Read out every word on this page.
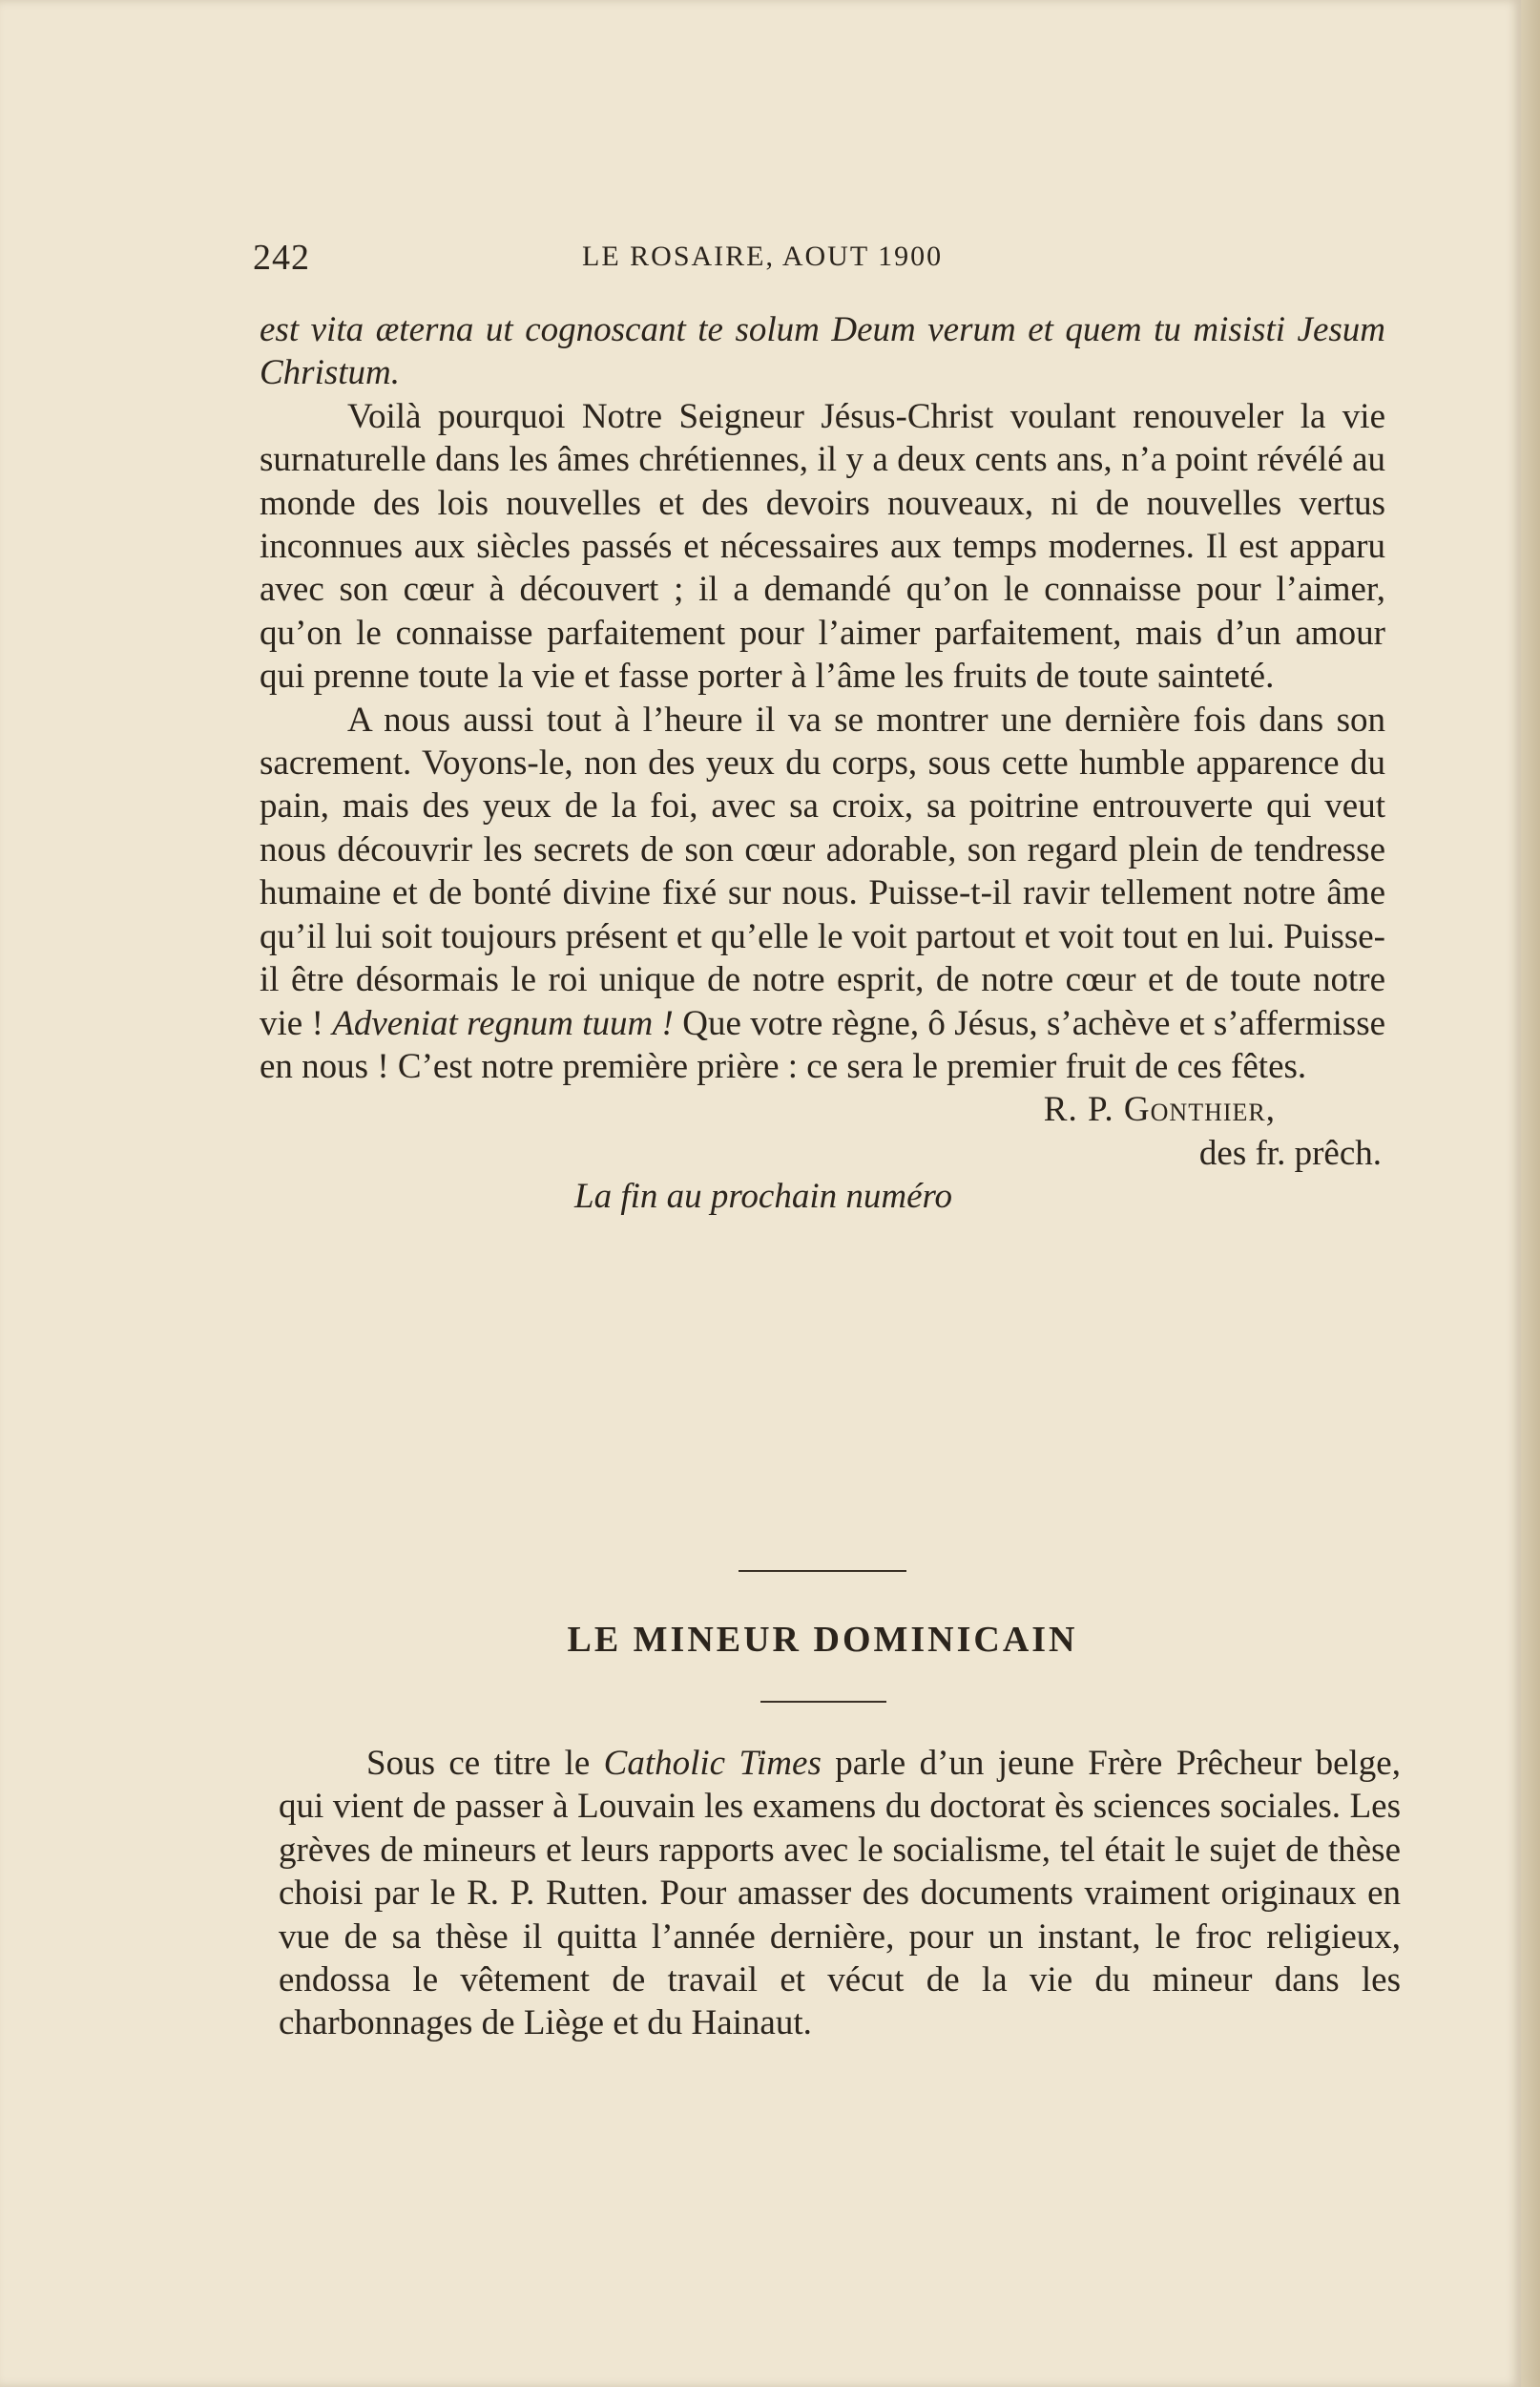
242	LE ROSAIRE, AOUT 1900

est vita æterna ut cognoscant te solum Deum verum et quem tu misisti Jesum Christum.

Voilà pourquoi Notre Seigneur Jésus-Christ voulant renouveler la vie surnaturelle dans les âmes chrétiennes, il y a deux cents ans, n’a point révélé au monde des lois nouvelles et des devoirs nouveaux, ni de nouvelles vertus inconnues aux siècles passés et nécessaires aux temps modernes. Il est apparu avec son cœur à découvert ; il a demandé qu’on le connaisse pour l’aimer, qu’on le connaisse parfaitement pour l’aimer parfaitement, mais d’un amour qui prenne toute la vie et fasse porter à l’âme les fruits de toute sainteté.

A nous aussi tout à l’heure il va se montrer une dernière fois dans son sacrement. Voyons-le, non des yeux du corps, sous cette humble apparence du pain, mais des yeux de la foi, avec sa croix, sa poitrine entrouverte qui veut nous découvrir les secrets de son cœur adorable, son regard plein de tendresse humaine et de bonté divine fixé sur nous. Puisse-t-il ravir tellement notre âme qu’il lui soit toujours présent et qu’elle le voit partout et voit tout en lui. Puisse-il être désormais le roi unique de notre esprit, de notre cœur et de toute notre vie ! Adveniat regnum tuum ! Que votre règne, ô Jésus, s’achève et s’affermisse en nous ! C’est notre première prière : ce sera le premier fruit de ces fêtes.

R. P. Gonthier,

des fr. prêch.

La fin au prochain numéro

LE MINEUR DOMINICAIN

Sous ce titre le Catholic Times parle d’un jeune Frère Prêcheur belge, qui vient de passer à Louvain les examens du doctorat ès sciences sociales. Les grèves de mineurs et leurs rapports avec le socialisme, tel était le sujet de thèse choisi par le R. P. Rutten. Pour amasser des documents vraiment originaux en vue de sa thèse il quitta l’année dernière, pour un instant, le froc religieux, endossa le vêtement de travail et vécut de la vie du mineur dans les charbonnages de Liège et du Hainaut.
